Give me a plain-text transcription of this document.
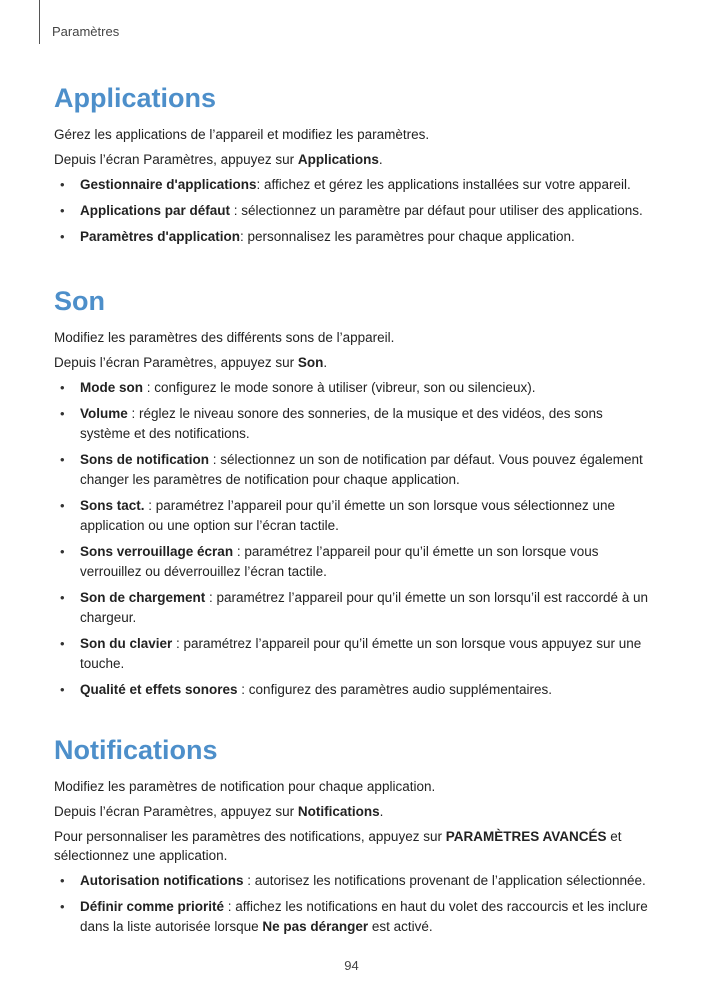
Paramètres
Applications

Gérez les applications de l’appareil et modifiez les paramètres.

Depuis l’écran Paramètres, appuyez sur Applications.

• Gestionnaire d'applications: affichez et gérez les applications installées sur votre appareil.
• Applications par défaut : sélectionnez un paramètre par défaut pour utiliser des applications.
• Paramètres d'application: personnalisez les paramètres pour chaque application.
Son

Modifiez les paramètres des différents sons de l’appareil.

Depuis l’écran Paramètres, appuyez sur Son.

• Mode son : configurez le mode sonore à utiliser (vibreur, son ou silencieux).
• Volume : réglez le niveau sonore des sonneries, de la musique et des vidéos, des sons système et des notifications.
• Sons de notification : sélectionnez un son de notification par défaut. Vous pouvez également changer les paramètres de notification pour chaque application.
• Sons tact. : paramétrez l’appareil pour qu’il émette un son lorsque vous sélectionnez une application ou une option sur l’écran tactile.
• Sons verrouillage écran : paramétrez l’appareil pour qu’il émette un son lorsque vous verrouillez ou déverrouillez l’écran tactile.
• Son de chargement : paramétrez l’appareil pour qu’il émette un son lorsqu’il est raccordé à un chargeur.
• Son du clavier : paramétrez l’appareil pour qu’il émette un son lorsque vous appuyez sur une touche.
• Qualité et effets sonores : configurez des paramètres audio supplémentaires.
Notifications

Modifiez les paramètres de notification pour chaque application.

Depuis l’écran Paramètres, appuyez sur Notifications.

Pour personnaliser les paramètres des notifications, appuyez sur PARAMÈTRES AVANCÉS et sélectionnez une application.

• Autorisation notifications : autorisez les notifications provenant de l’application sélectionnée.
• Définir comme priorité : affichez les notifications en haut du volet des raccourcis et les inclure dans la liste autorisée lorsque Ne pas déranger est activé.
94
